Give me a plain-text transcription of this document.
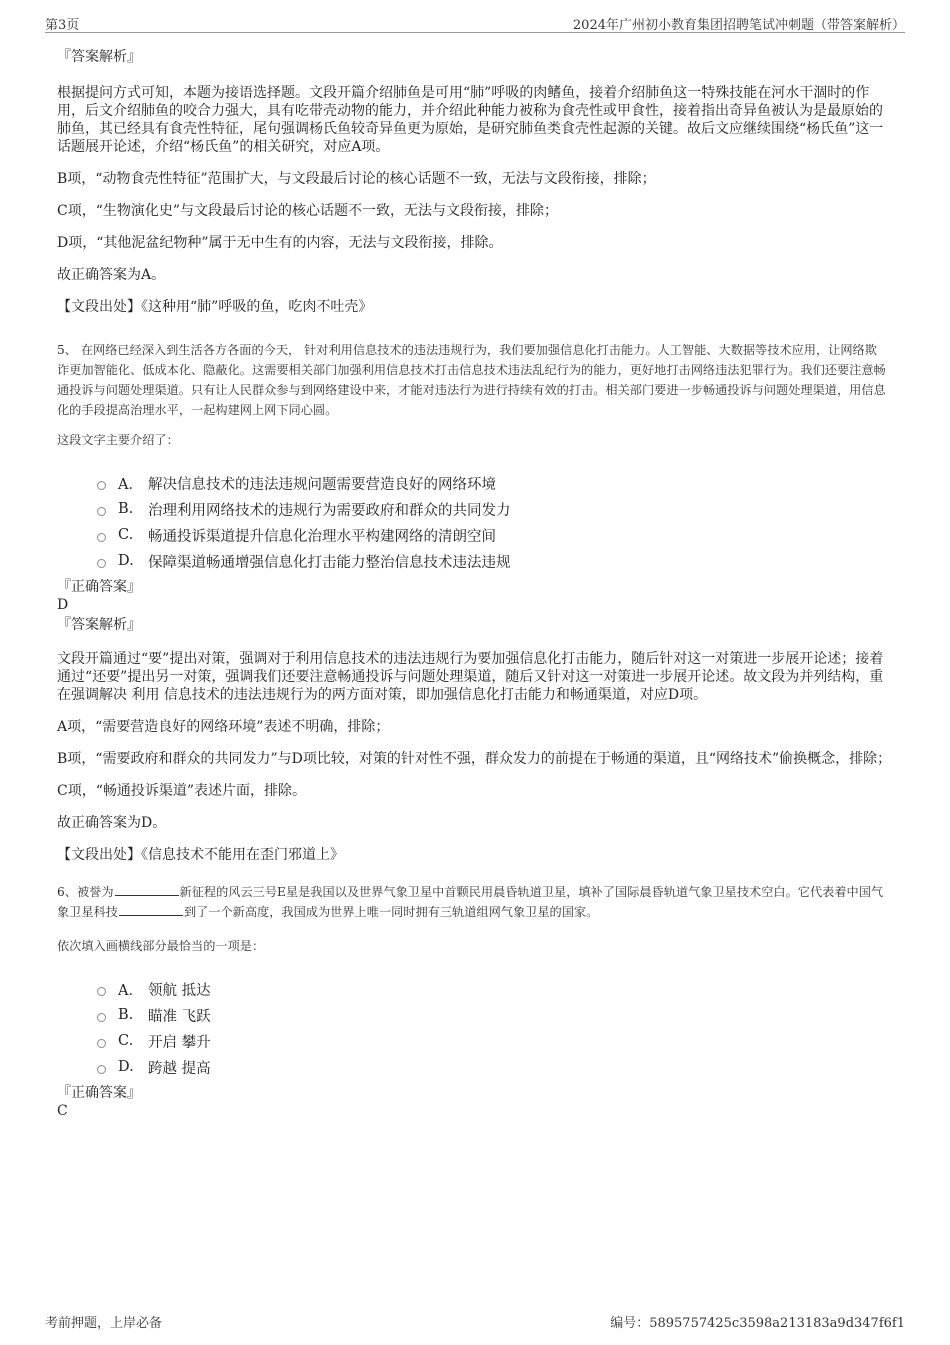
第3页	2024年广州初小教育集团招聘笔试冲刺题（带答案解析）

『答案解析』

根据提问方式可知，本题为接语选择题。文段开篇介绍肺鱼是可用“肺”呼吸的肉鳍鱼，接着介绍肺鱼这一特殊技能在河水干涸时的作用，后文介绍肺鱼的咬合力强大，具有吃带壳动物的能力，并介绍此种能力被称为食壳性或甲食性，接着指出奇异鱼被认为是最原始的肺鱼，其已经具有食壳性特征，尾句强调杨氏鱼较奇异鱼更为原始，是研究肺鱼类食壳性起源的关键。故后文应继续围绕“杨氏鱼”这一话题展开论述，介绍“杨氏鱼”的相关研究，对应A项。

B项，“动物食壳性特征”范围扩大，与文段最后讨论的核心话题不一致，无法与文段衔接，排除；

C项，“生物演化史”与文段最后讨论的核心话题不一致，无法与文段衔接，排除；

D项，“其他泥盆纪物种”属于无中生有的内容，无法与文段衔接，排除。

故正确答案为A。

【文段出处】《这种用“肺”呼吸的鱼，吃肉不吐壳》

5、 在网络已经深入到生活各方各面的今天， 针对利用信息技术的违法违规行为，我们要加强信息化打击能力。人工智能、大数据等技术应用，让网络欺诈更加智能化、低成本化、隐蔽化。这需要相关部门加强利用信息技术打击信息技术违法乱纪行为的能力，更好地打击网络违法犯罪行为。我们还要注意畅通投诉与问题处理渠道。只有让人民群众参与到网络建设中来，才能对违法行为进行持续有效的打击。相关部门要进一步畅通投诉与问题处理渠道，用信息化的手段提高治理水平，一起构建网上网下同心圆。

这段文字主要介绍了：

A． 解决信息技术的违法违规问题需要营造良好的网络环境
B.	治理利用网络技术的违规行为需要政府和群众的共同发力
C.	畅通投诉渠道提升信息化治理水平构建网络的清朗空间
D. 保障渠道畅通增强信息化打击能力整治信息技术违法违规

『正确答案』

D

『答案解析』

文段开篇通过“要”提出对策，强调对于利用信息技术的违法违规行为要加强信息化打击能力，随后针对这一对策进一步展开论述；接着通过“还要”提出另一对策，强调我们还要注意畅通投诉与问题处理渠道，随后又针对这一对策进一步展开论述。故文段为并列结构，重在强调解决 利用 信息技术的违法违规行为的两方面对策，即加强信息化打击能力和畅通渠道，对应D项。

A项，“需要营造良好的网络环境”表述不明确，排除；

B项，“需要政府和群众的共同发力”与D项比较，对策的针对性不强，群众发力的前提在于畅通的渠道，且“网络技术”偷换概念，排除；

C项，“畅通投诉渠道”表述片面，排除。

故正确答案为D。

【文段出处】《信息技术不能用在歪门邪道上》

6、被誉为	新征程的风云三号E星是我国以及世界气象卫星中首颗民用晨昏轨道卫星，填补了国际晨昏轨道气象卫星技术空白。它代表着中国气象卫星科技	到了一个新高度，我国成为世界上唯一同时拥有三轨道组网气象卫星的国家。

依次填入画横线部分最恰当的一项是：

A． 领航 抵达
B.	瞄准 飞跃
C.	开启 攀升
D. 跨越 提高

『正确答案』

C

考前押题，上岸必备	编号：5895757425c3598a213183a9d347f6f1
